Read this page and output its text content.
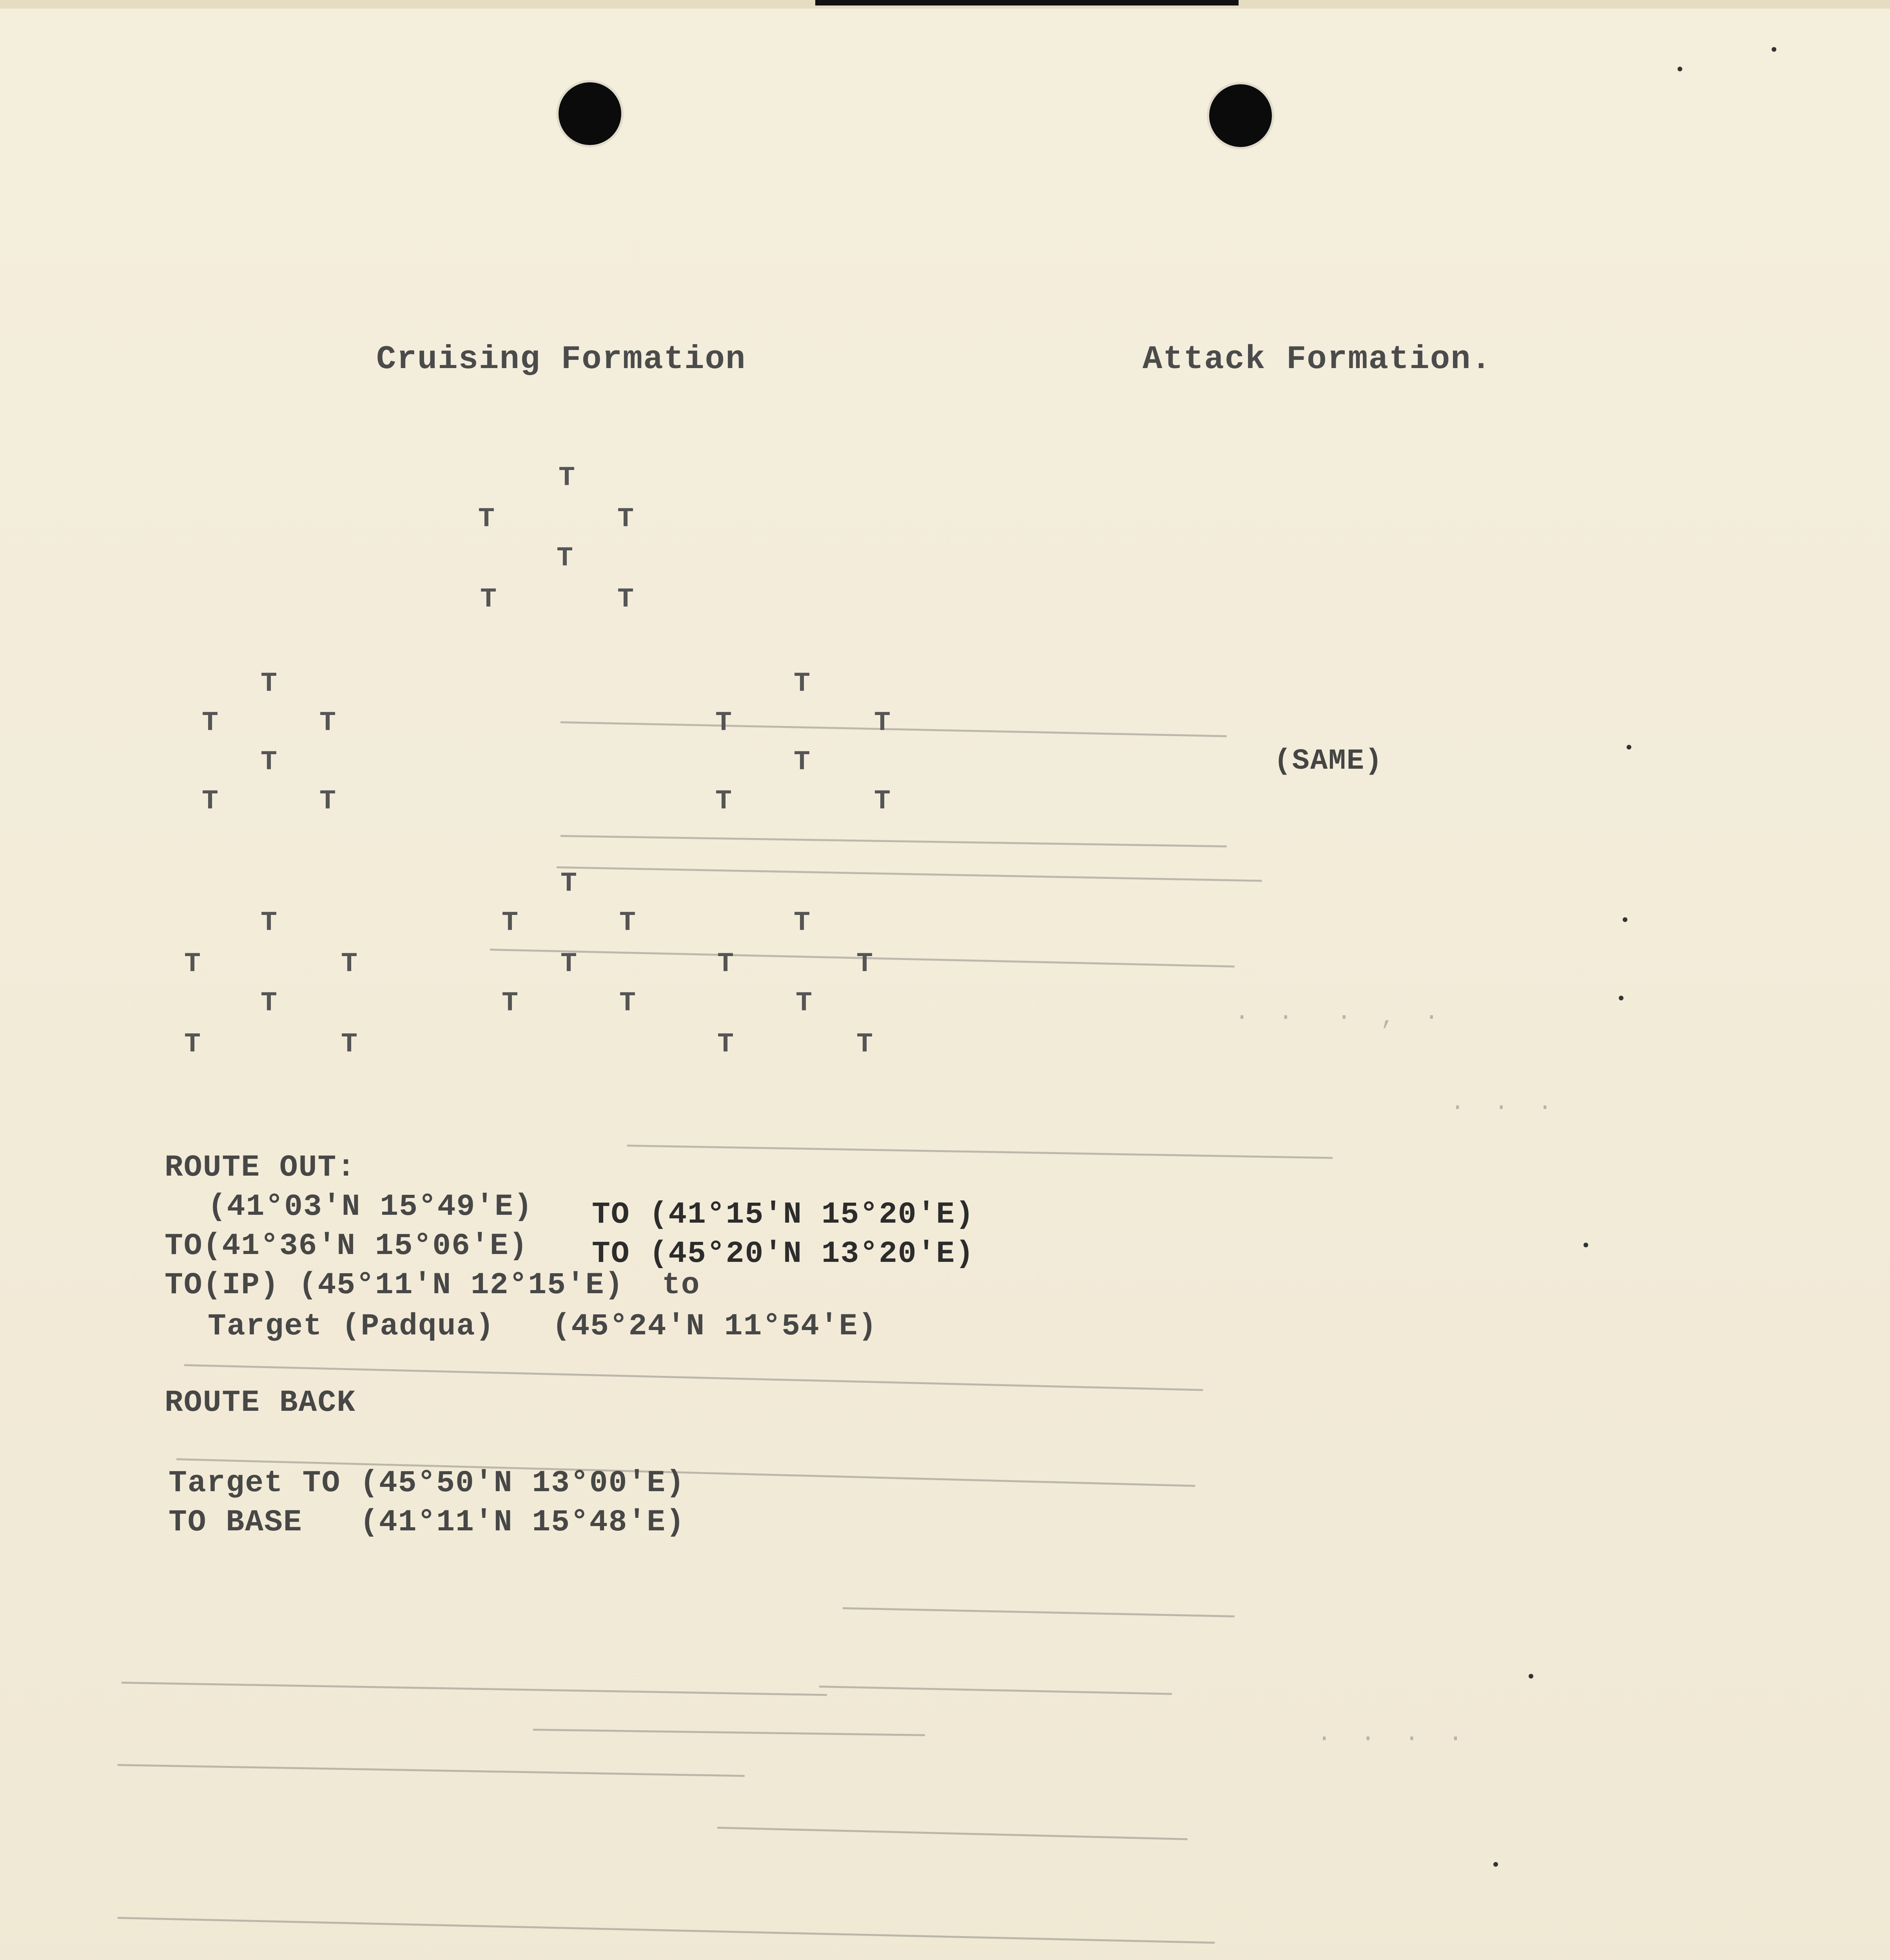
·  ·   ·  ,  ·
·  ·  ·
·  ·  ·  ·
Cruising Formation	Attack Formation.
T
T	T
T
T	T
T
T	T
T
T	T
T
T	T
T
T	T
T
T	T
T
T	T
T
T	T
T
T	T
T
T	T
T
T	T
(SAME)
ROUTE OUT:
(41°03'N 15°49'E) TO (41°15'N 15°20'E)
TO(41°36'N 15°06'E) TO (45°20'N 13°20'E)
TO(IP) (45°11'N 12°15'E)  to
Target (Padqua)   (45°24'N 11°54'E)
ROUTE BACK
Target TO (45°50'N 13°00'E)
TO BASE   (41°11'N 15°48'E)
